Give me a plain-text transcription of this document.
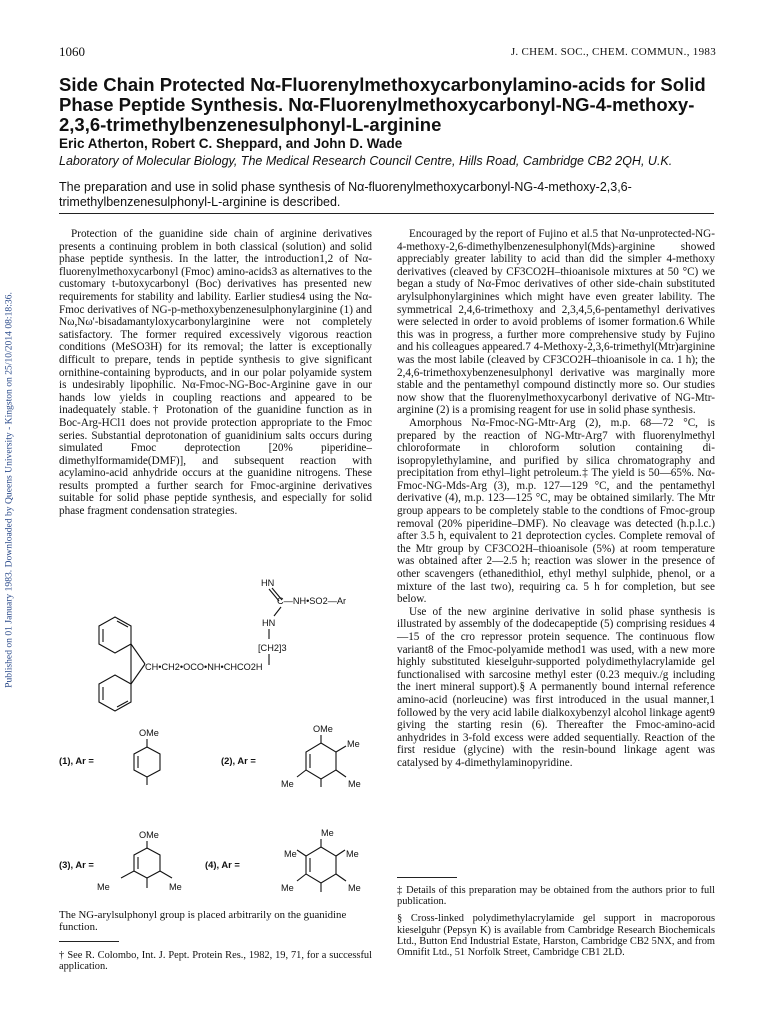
1060	J. CHEM. SOC., CHEM. COMMUN., 1983
Side Chain Protected Nα-Fluorenylmethoxycarbonylamino-acids for Solid Phase Peptide Synthesis. Nα-Fluorenylmethoxycarbonyl-NG-4-methoxy-2,3,6-trimethylbenzenesulphonyl-L-arginine
Eric Atherton, Robert C. Sheppard, and John D. Wade
Laboratory of Molecular Biology, The Medical Research Council Centre, Hills Road, Cambridge CB2 2QH, U.K.
The preparation and use in solid phase synthesis of Nα-fluorenylmethoxycarbonyl-NG-4-methoxy-2,3,6-trimethylbenzenesulphonyl-L-arginine is described.
Published on 01 January 1983. Downloaded by Queens University - Kingston on 25/10/2014 08:18:36.

Protection of the guanidine side chain of arginine derivatives presents a continuing problem in both classical (solution) and solid phase peptide synthesis. In the latter, the introduction1,2 of Nα-fluorenylmethoxycarbonyl (Fmoc) amino-acids3 as alternatives to the customary t-butoxycarbonyl (Boc) derivatives has presented new requirements for stability and lability. Earlier studies4 using the Nα-Fmoc derivatives of NG-p-methoxybenzenesulphonylarginine (1) and Nω,Nω'-bisadamantyloxycarbonylarginine were not completely satisfactory. The former required excessively vigorous reaction conditions (MeSO3H) for its removal; the latter is exceptionally difficult to prepare, tends in peptide synthesis to give significant ornithine-containing byproducts, and in our polar polyamide system is undesirably lipophilic. Nα-Fmoc-NG-Boc-Arginine gave in our hands low yields in coupling reactions and appeared to be inadequately stable.† Protonation of the guanidine function as in Boc-Arg-HCl1 does not provide protection appropriate to the Fmoc series. Substantial deprotonation of guanidinium salts occurs during simulated Fmoc deprotection [20% piperidine–dimethylformamide(DMF)], and subsequent reaction with acylamino-acid anhydride occurs at the guanidine nitrogens. These results prompted a further search for Fmoc-arginine derivatives suitable for solid phase peptide synthesis, and especially for solid phase fragment condensation strategies.

HN
C—NH•SO2—Ar
HN
[CH2]3
CH•CH2•OCO•NH•CHCO2H
(1), Ar =
OMe
(2), Ar =
OMe
Me
Me	Me
(3), Ar =
OMe
Me	Me
(4), Ar =
Me
Me	Me
Me	Me
The NG-arylsulphonyl group is placed arbitrarily on the guanidine function.
† See R. Colombo, Int. J. Pept. Protein Res., 1982, 19, 71, for a successful application.

Encouraged by the report of Fujino et al.5 that Nα-unprotected-NG-4-methoxy-2,6-dimethylbenzenesulphonyl(Mds)-arginine showed appreciably greater lability to acid than did the simpler 4-methoxy derivatives (cleaved by CF3CO2H–thioanisole mixtures at 50 °C) we began a study of Nα-Fmoc derivatives of other side-chain substituted arylsulphonylarginines which might have even greater lability. The symmetrical 2,4,6-trimethoxy and 2,3,4,5,6-pentamethyl derivatives were selected in order to avoid problems of isomer formation.6 While this was in progress, a further more comprehensive study by Fujino and his colleagues appeared.7 4-Methoxy-2,3,6-trimethyl(Mtr)arginine was the most labile (cleaved by CF3CO2H–thioanisole in ca. 1 h); the 2,4,6-trimethoxybenzenesulphonyl derivative was marginally more stable and the pentamethyl compound distinctly more so. Our studies now show that the fluorenylmethoxycarbonyl derivative of NG-Mtr-arginine (2) is a promising reagent for use in solid phase synthesis.

Amorphous Nα-Fmoc-NG-Mtr-Arg (2), m.p. 68—72 °C, is prepared by the reaction of NG-Mtr-Arg7 with fluorenylmethyl chloroformate in chloroform solution containing di-isopropylethylamine, and purified by silica chromatography and precipitation from ethyl–light petroleum.‡ The yield is 50—65%. Nα-Fmoc-NG-Mds-Arg (3), m.p. 127—129 °C, and the pentamethyl derivative (4), m.p. 123—125 °C, may be obtained similarly. The Mtr group appears to be completely stable to the condtions of Fmoc-group removal (20% piperidine–DMF). No cleavage was detected (h.p.l.c.) after 3.5 h, equivalent to 21 deprotection cycles. Complete removal of the Mtr group by CF3CO2H–thioanisole (5%) at room temperature was obtained after 2—2.5 h; reaction was slower in the presence of other scavengers (ethanedithiol, ethyl methyl sulphide, phenol, or a mixture of the last two), requiring ca. 5 h for completion, but see below.

Use of the new arginine derivative in solid phase synthesis is illustrated by assembly of the dodecapeptide (5) comprising residues 4—15 of the cro repressor protein sequence. The continuous flow variant8 of the Fmoc-polyamide method1 was used, with a new more highly substituted kieselguhr-supported polydimethylacrylamide gel functionalised with sarcosine methyl ester (0.23 mequiv./g including the inert mineral support).§ A permanently bound internal reference amino-acid (norleucine) was first introduced in the usual manner,1 followed by the very acid labile dialkoxybenzyl alcohol linkage agent9 giving the starting resin (6). Thereafter the Fmoc-amino-acid anhydrides in 3-fold excess were added sequentially. Reaction of the first residue (glycine) with the resin-bound linkage agent was catalysed by 4-dimethylaminopyridine.

‡ Details of this preparation may be obtained from the authors prior to full publication.

§ Cross-linked polydimethylacrylamide gel support in macroporous kieselguhr (Pepsyn K) is available from Cambridge Research Biochemicals Ltd., Button End Industrial Estate, Harston, Cambridge CB2 5NX, and from Omnifit Ltd., 51 Norfolk Street, Cambridge CB1 2LD.
